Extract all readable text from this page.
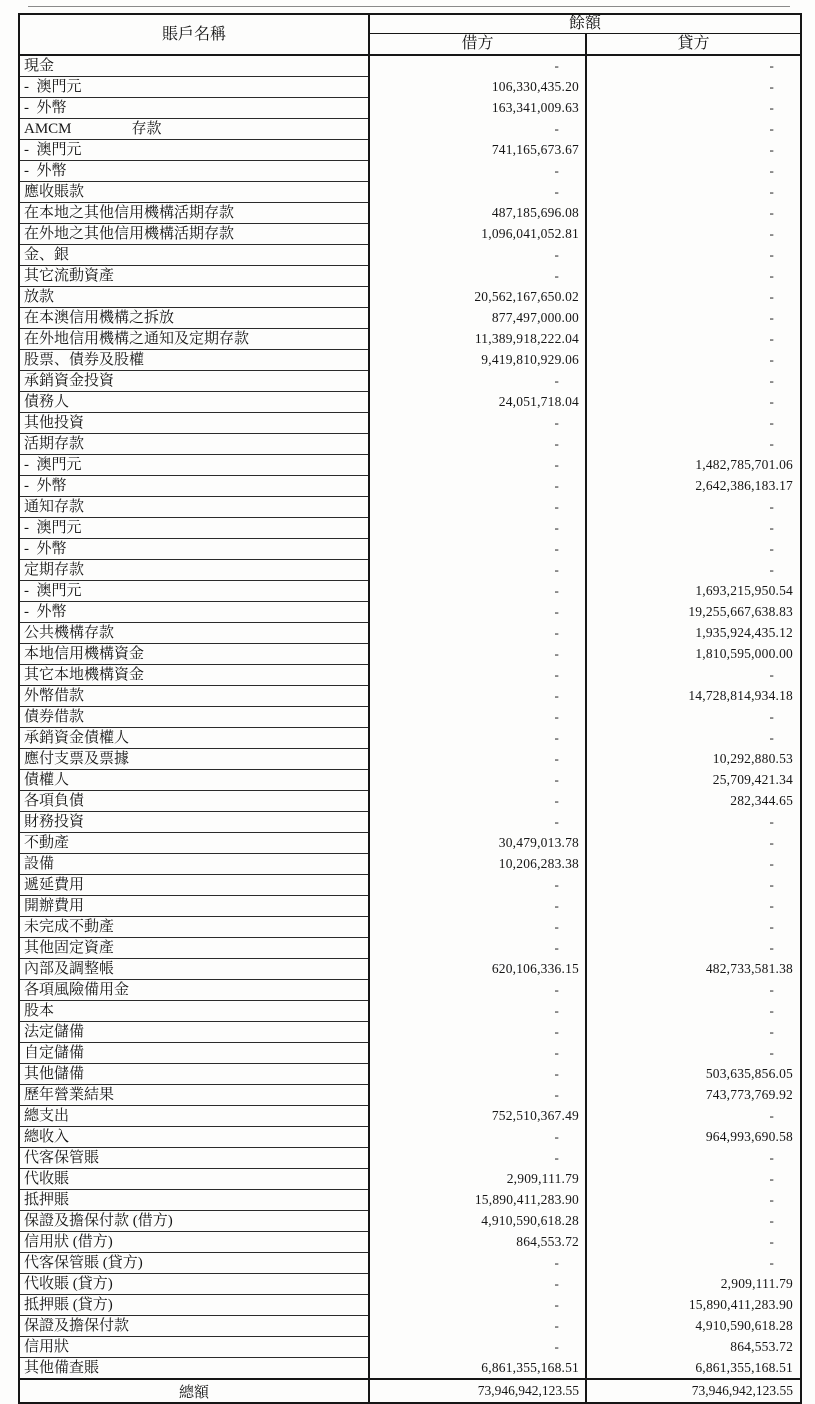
賬戶名稱	餘額	
	借方	貸方
現金	-	-
-  澳門元	106,330,435.20	-
-  外幣	163,341,009.63	-
AMCM                存款	-	-
-  澳門元	741,165,673.67	-
-  外幣	-	-
應收賬款	-	-
在本地之其他信用機構活期存款	487,185,696.08	-
在外地之其他信用機構活期存款	1,096,041,052.81	-
金、銀	-	-
其它流動資產	-	-
放款	20,562,167,650.02	-
在本澳信用機構之拆放	877,497,000.00	-
在外地信用機構之通知及定期存款	11,389,918,222.04	-
股票、債券及股權	9,419,810,929.06	-
承銷資金投資	-	-
債務人	24,051,718.04	-
其他投資	-	-
活期存款	-	-
-  澳門元	-	1,482,785,701.06
-  外幣	-	2,642,386,183.17
通知存款	-	-
-  澳門元	-	-
-  外幣	-	-
定期存款	-	-
-  澳門元	-	1,693,215,950.54
-  外幣	-	19,255,667,638.83
公共機構存款	-	1,935,924,435.12
本地信用機構資金	-	1,810,595,000.00
其它本地機構資金	-	-
外幣借款	-	14,728,814,934.18
債券借款	-	-
承銷資金債權人	-	-
應付支票及票據	-	10,292,880.53
債權人	-	25,709,421.34
各項負債	-	282,344.65
財務投資	-	-
不動產	30,479,013.78	-
設備	10,206,283.38	-
遞延費用	-	-
開辦費用	-	-
未完成不動產	-	-
其他固定資產	-	-
內部及調整帳	620,106,336.15	482,733,581.38
各項風險備用金	-	-
股本	-	-
法定儲備	-	-
自定儲備	-	-
其他儲備	-	503,635,856.05
歷年營業結果	-	743,773,769.92
總支出	752,510,367.49	-
總收入	-	964,993,690.58
代客保管賬	-	-
代收賬	2,909,111.79	-
抵押賬	15,890,411,283.90	-
保證及擔保付款 (借方)	4,910,590,618.28	-
信用狀 (借方)	864,553.72	-
代客保管賬 (貸方)	-	-
代收賬 (貸方)	-	2,909,111.79
抵押賬 (貸方)	-	15,890,411,283.90
保證及擔保付款	-	4,910,590,618.28
信用狀	-	864,553.72
其他備查賬	6,861,355,168.51	6,861,355,168.51
總額	73,946,942,123.55	73,946,942,123.55
